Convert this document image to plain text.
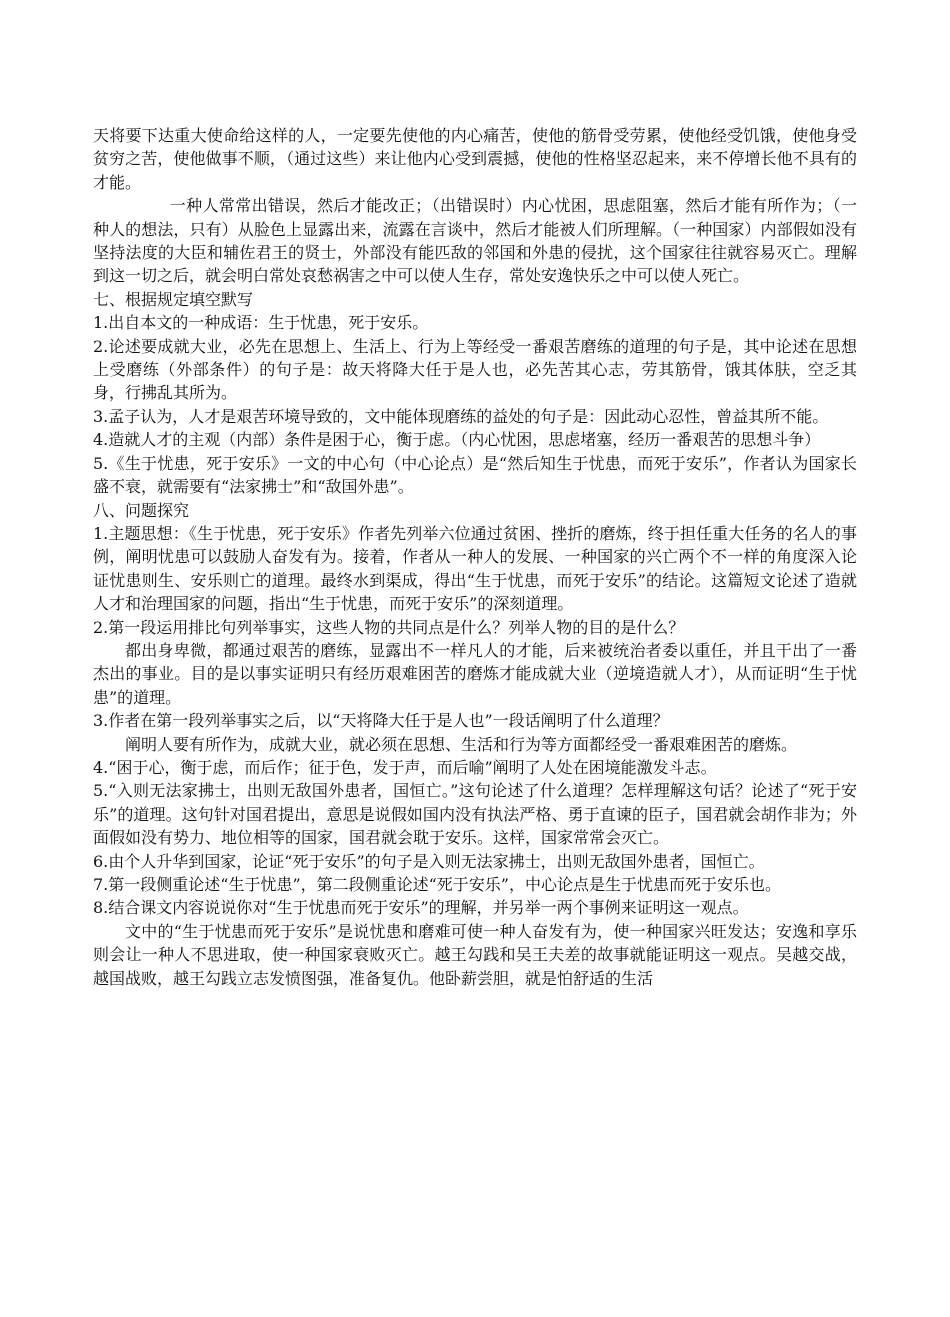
天将要下达重大使命给这样的人，一定要先使他的内心痛苦，使他的筋骨受劳累，使他经受饥饿，使他身受贫穷之苦，使他做事不顺，（通过这些）来让他内心受到震撼，使他的性格坚忍起来，来不停增长他不具有的才能。

一种人常常出错误，然后才能改正；（出错误时）内心忧困，思虑阻塞，然后才能有所作为；（一种人的想法，只有）从脸色上显露出来，流露在言谈中，然后才能被人们所理解。（一种国家）内部假如没有坚持法度的大臣和辅佐君王的贤士，外部没有能匹敌的邻国和外患的侵扰，这个国家往往就容易灭亡。理解到这一切之后，就会明白常处哀愁祸害之中可以使人生存，常处安逸快乐之中可以使人死亡。

七、根据规定填空默写

1.出自本文的一种成语：生于忧患，死于安乐。

2.论述要成就大业，必先在思想上、生活上、行为上等经受一番艰苦磨练的道理的句子是，其中论述在思想上受磨练（外部条件）的句子是：故天将降大任于是人也，必先苦其心志，劳其筋骨，饿其体肤，空乏其身，行拂乱其所为。

3.孟子认为，人才是艰苦环境导致的，文中能体现磨练的益处的句子是：因此动心忍性，曾益其所不能。

4.造就人才的主观（内部）条件是困于心，衡于虑。（内心忧困，思虑堵塞，经历一番艰苦的思想斗争）

5.《生于忧患，死于安乐》一文的中心句（中心论点）是“然后知生于忧患，而死于安乐”，作者认为国家长盛不衰，就需要有“法家拂士”和“敌国外患”。

八、问题探究

1.主题思想：《生于忧患，死于安乐》作者先列举六位通过贫困、挫折的磨炼，终于担任重大任务的名人的事例，阐明忧患可以鼓励人奋发有为。接着，作者从一种人的发展、一种国家的兴亡两个不一样的角度深入论证忧患则生、安乐则亡的道理。最终水到渠成，得出“生于忧患，而死于安乐”的结论。这篇短文论述了造就人才和治理国家的问题，指出“生于忧患，而死于安乐”的深刻道理。

2.第一段运用排比句列举事实，这些人物的共同点是什么？列举人物的目的是什么？

都出身卑微，都通过艰苦的磨练，显露出不一样凡人的才能，后来被统治者委以重任，并且干出了一番杰出的事业。目的是以事实证明只有经历艰难困苦的磨炼才能成就大业（逆境造就人才），从而证明“生于忧患”的道理。

3.作者在第一段列举事实之后，以“天将降大任于是人也”一段话阐明了什么道理？

阐明人要有所作为，成就大业，就必须在思想、生活和行为等方面都经受一番艰难困苦的磨炼。

4.“困于心，衡于虑，而后作；征于色，发于声，而后喻”阐明了人处在困境能激发斗志。

5.“入则无法家拂士，出则无敌国外患者，国恒亡。”这句论述了什么道理？怎样理解这句话？论述了“死于安乐”的道理。这句针对国君提出，意思是说假如国内没有执法严格、勇于直谏的臣子，国君就会胡作非为；外面假如没有势力、地位相等的国家，国君就会耽于安乐。这样，国家常常会灭亡。

6.由个人升华到国家，论证“死于安乐”的句子是入则无法家拂士，出则无敌国外患者，国恒亡。

7.第一段侧重论述“生于忧患”，第二段侧重论述“死于安乐”，中心论点是生于忧患而死于安乐也。

8.结合课文内容说说你对“生于忧患而死于安乐”的理解，并另举一两个事例来证明这一观点。

文中的“生于忧患而死于安乐”是说忧患和磨难可使一种人奋发有为，使一种国家兴旺发达；安逸和享乐则会让一种人不思进取，使一种国家衰败灭亡。越王勾践和吴王夫差的故事就能证明这一观点。吴越交战，越国战败，越王勾践立志发愤图强，准备复仇。他卧薪尝胆，就是怕舒适的生活
